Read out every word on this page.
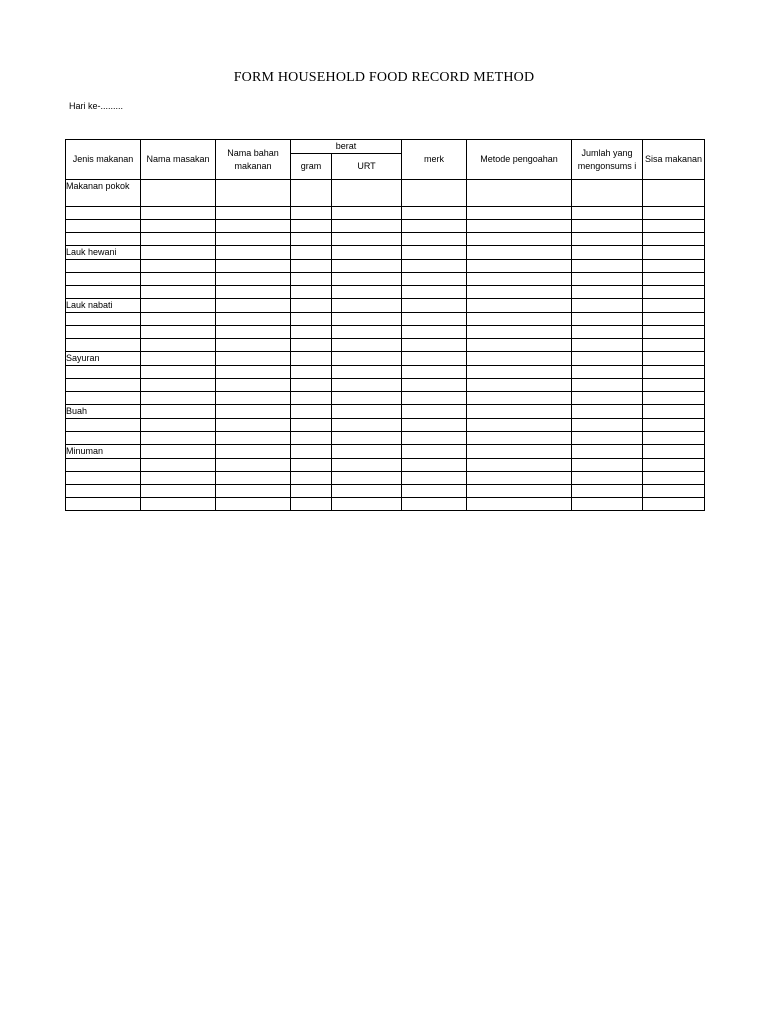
FORM HOUSEHOLD FOOD RECORD METHOD
Hari ke-.........
Jenis makanan	Nama masakan	Nama bahan makanan	berat		merk	Metode pengoahan	Jumlah yang mengonsums i	Sisa makanan
			gram	URT				
Makanan pokok								

Lauk hewani								

Lauk nabati								

Sayuran								

Buah								

Minuman								
